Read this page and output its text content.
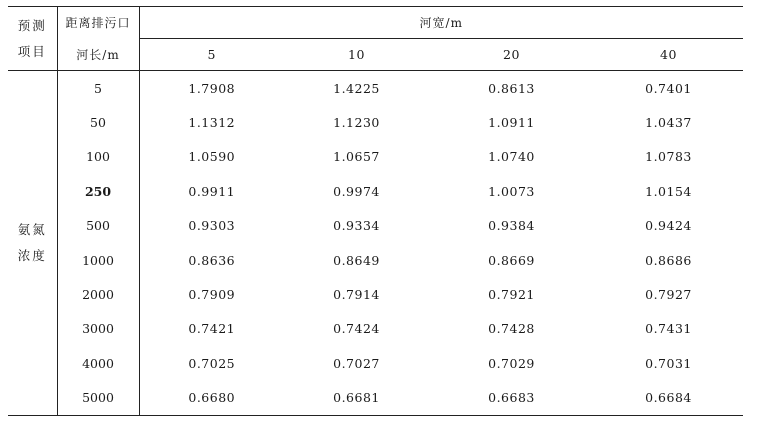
预测
项目	距离排污口	河宽/m			
	河长/m	5	10	20	40

氨氮
浓度	5	1.7908	1.4225	0.8613	0.7401
	50	1.1312	1.1230	1.0911	1.0437
	100	1.0590	1.0657	1.0740	1.0783
	250	0.9911	0.9974	1.0073	1.0154
	500	0.9303	0.9334	0.9384	0.9424
	1000	0.8636	0.8649	0.8669	0.8686
	2000	0.7909	0.7914	0.7921	0.7927
	3000	0.7421	0.7424	0.7428	0.7431
	4000	0.7025	0.7027	0.7029	0.7031
	5000	0.6680	0.6681	0.6683	0.6684
